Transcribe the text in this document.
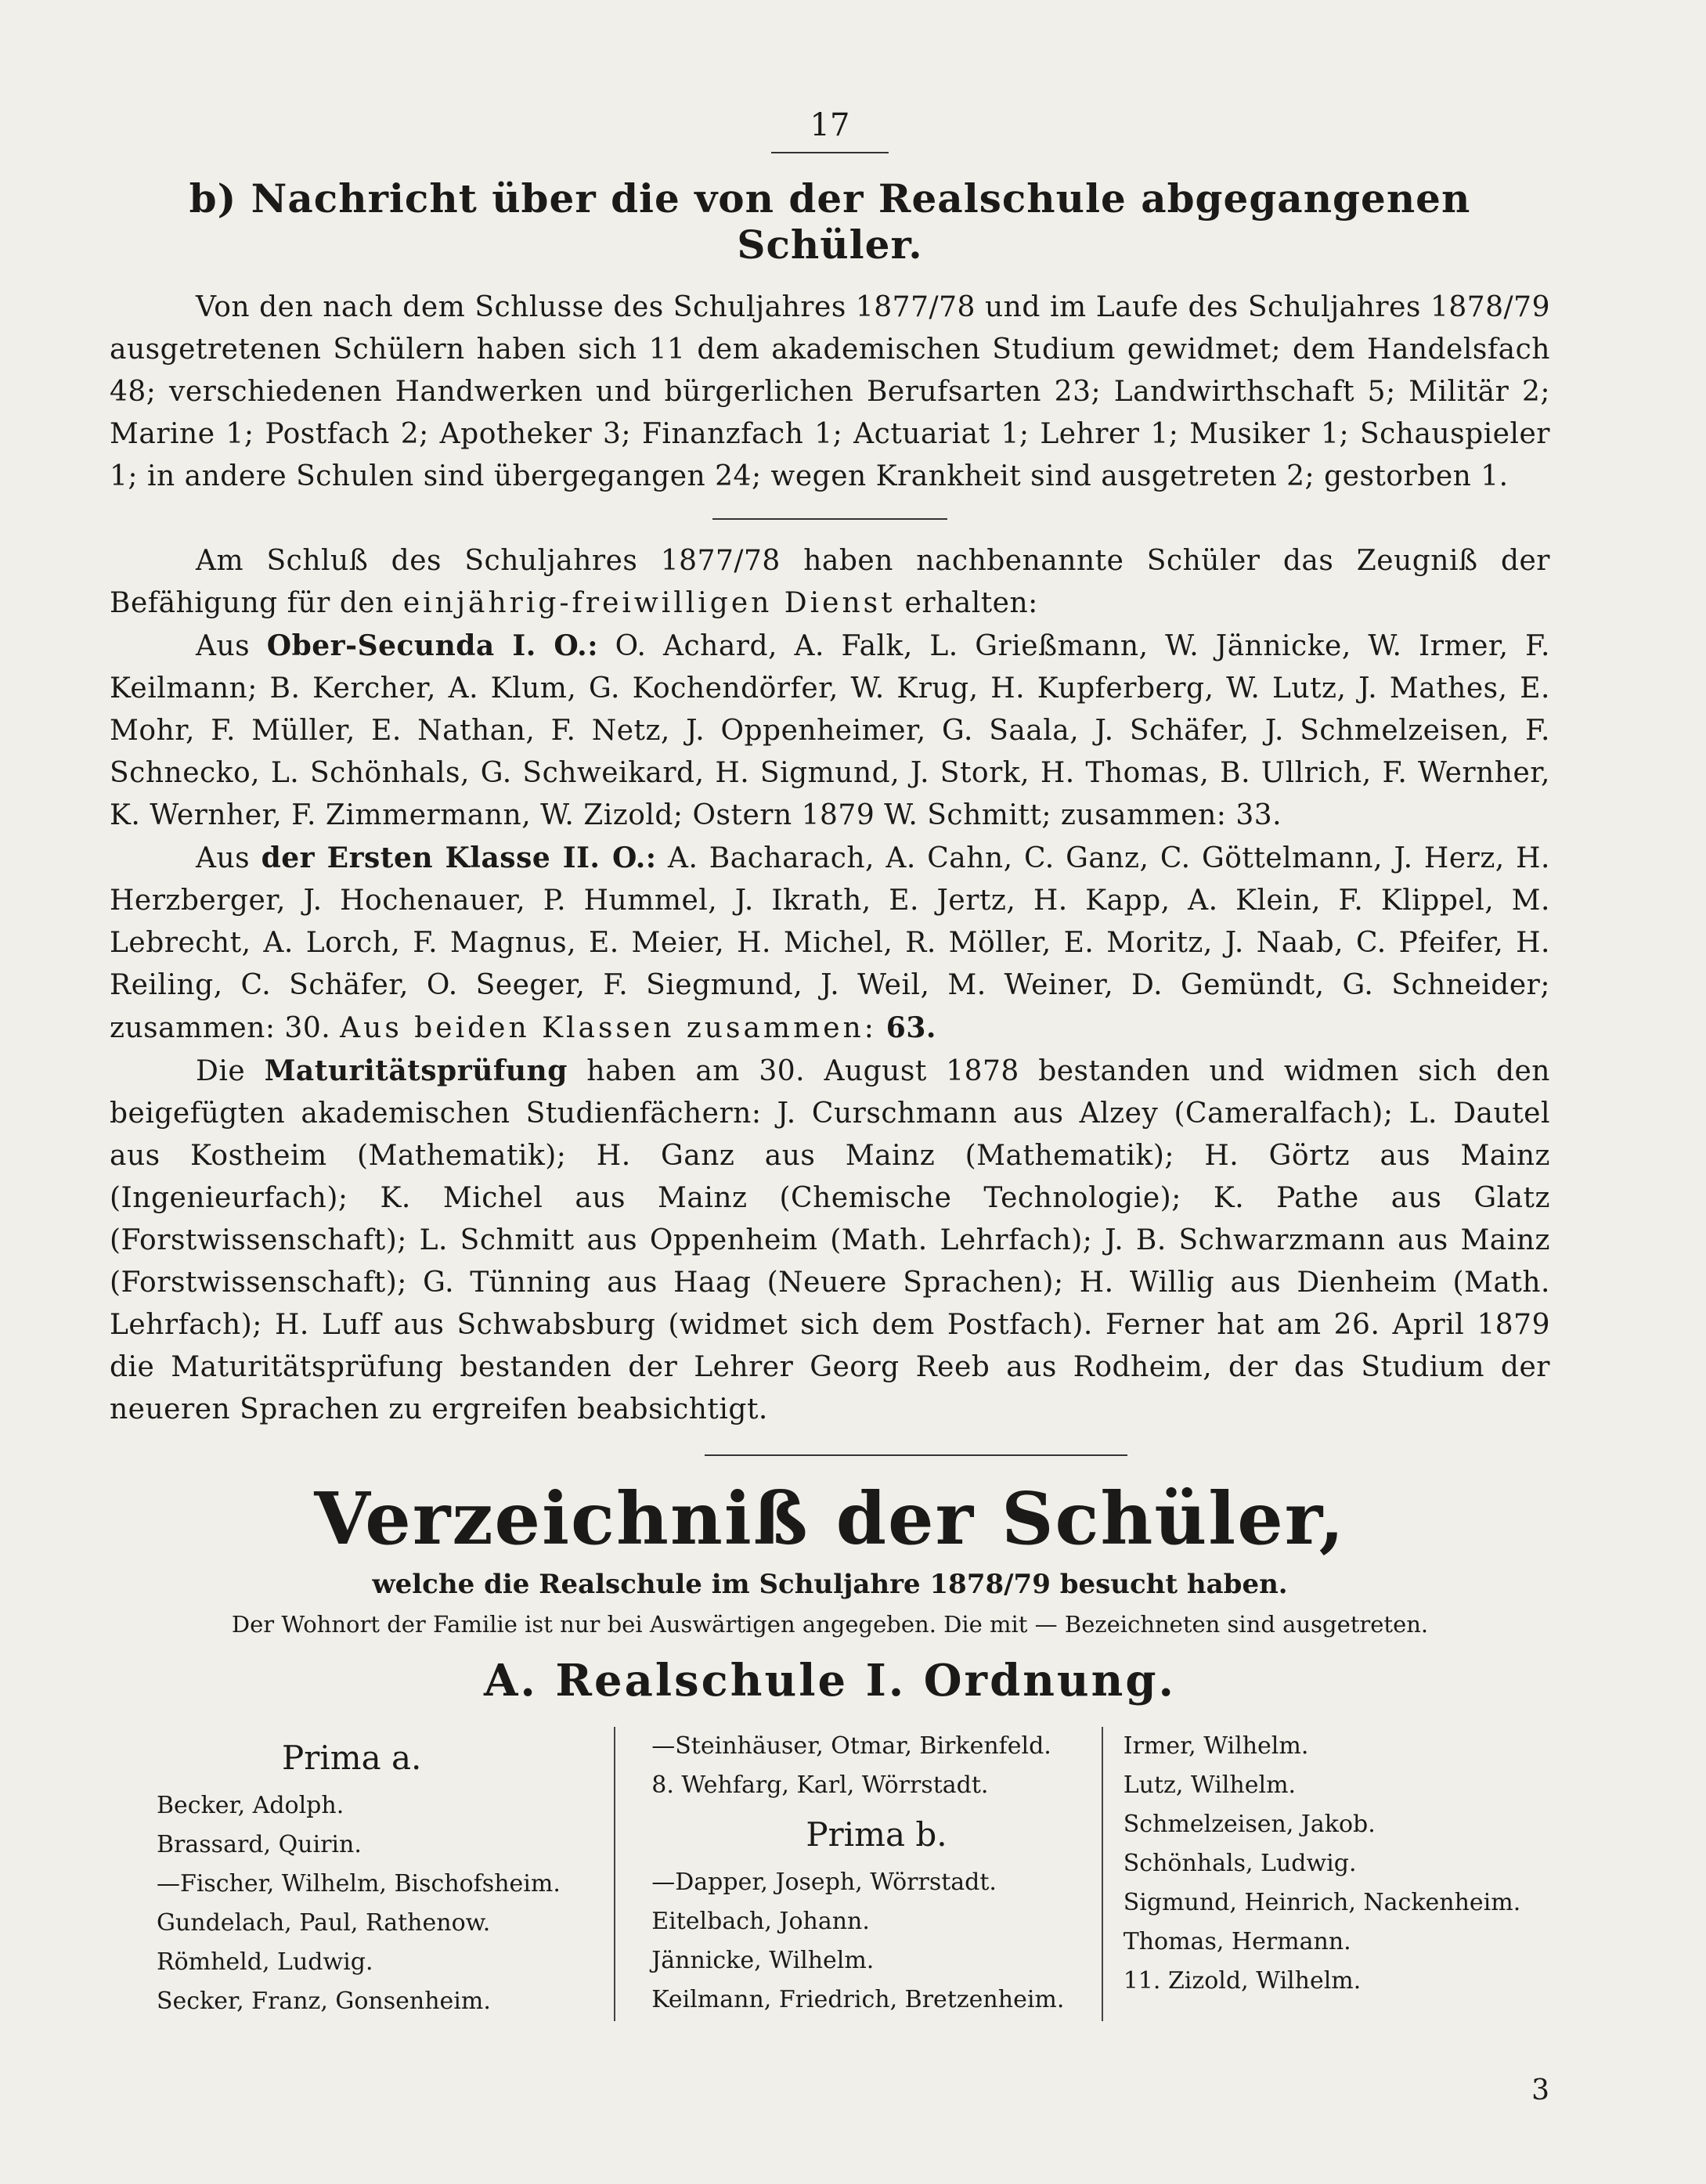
17
b) Nachricht über die von der Realschule abgegangenen Schüler.

Von den nach dem Schlusse des Schuljahres 1877/78 und im Laufe des Schuljahres 1878/79 ausgetretenen Schülern haben sich 11 dem akademischen Studium gewidmet; dem Handelsfach 48; verschiedenen Handwerken und bürgerlichen Berufsarten 23; Landwirthschaft 5; Militär 2; Marine 1; Postfach 2; Apotheker 3; Finanzfach 1; Actuariat 1; Lehrer 1; Musiker 1; Schauspieler 1; in andere Schulen sind übergegangen 24; wegen Krankheit sind ausgetreten 2; gestorben 1.

Am Schluß des Schuljahres 1877/78 haben nachbenannte Schüler das Zeugniß der Befähigung für den einjährig-freiwilligen Dienst erhalten:

Aus Ober-Secunda I. O.: O. Achard, A. Falk, L. Grießmann, W. Jännicke, W. Irmer, F. Keilmann; B. Kercher, A. Klum, G. Kochendörfer, W. Krug, H. Kupferberg, W. Lutz, J. Mathes, E. Mohr, F. Müller, E. Nathan, F. Netz, J. Oppenheimer, G. Saala, J. Schäfer, J. Schmelzeisen, F. Schnecko, L. Schönhals, G. Schweikard, H. Sigmund, J. Stork, H. Thomas, B. Ullrich, F. Wernher, K. Wernher, F. Zimmermann, W. Zizold; Ostern 1879 W. Schmitt; zusammen: 33.

Aus der Ersten Klasse II. O.: A. Bacharach, A. Cahn, C. Ganz, C. Göttelmann, J. Herz, H. Herzberger, J. Hochenauer, P. Hummel, J. Ikrath, E. Jertz, H. Kapp, A. Klein, F. Klippel, M. Lebrecht, A. Lorch, F. Magnus, E. Meier, H. Michel, R. Möller, E. Moritz, J. Naab, C. Pfeifer, H. Reiling, C. Schäfer, O. Seeger, F. Siegmund, J. Weil, M. Weiner, D. Gemündt, G. Schneider; zusammen: 30. Aus beiden Klassen zusammen: 63.

Die Maturitätsprüfung haben am 30. August 1878 bestanden und widmen sich den beigefügten akademischen Studienfächern: J. Curschmann aus Alzey (Cameralfach); L. Dautel aus Kostheim (Mathematik); H. Ganz aus Mainz (Mathematik); H. Görtz aus Mainz (Ingenieurfach); K. Michel aus Mainz (Chemische Technologie); K. Pathe aus Glatz (Forstwissenschaft); L. Schmitt aus Oppenheim (Math. Lehrfach); J. B. Schwarzmann aus Mainz (Forstwissenschaft); G. Tünning aus Haag (Neuere Sprachen); H. Willig aus Dienheim (Math. Lehrfach); H. Luff aus Schwabsburg (widmet sich dem Postfach). Ferner hat am 26. April 1879 die Maturitätsprüfung bestanden der Lehrer Georg Reeb aus Rodheim, der das Studium der neueren Sprachen zu ergreifen beabsichtigt.

Verzeichniß der Schüler,
welche die Realschule im Schuljahre 1878/79 besucht haben.
Der Wohnort der Familie ist nur bei Auswärtigen angegeben. Die mit — Bezeichneten sind ausgetreten.
A. Realschule I. Ordnung.
Prima a.
Becker, Adolph.
Brassard, Quirin.
—Fischer, Wilhelm, Bischofsheim.
Gundelach, Paul, Rathenow.
Römheld, Ludwig.
Secker, Franz, Gonsenheim.
—Steinhäuser, Otmar, Birkenfeld.
8. Wehfarg, Karl, Wörrstadt.
Prima b.
—Dapper, Joseph, Wörrstadt.
Eitelbach, Johann.
Jännicke, Wilhelm.
Keilmann, Friedrich, Bretzenheim.
Irmer, Wilhelm.
Lutz, Wilhelm.
Schmelzeisen, Jakob.
Schönhals, Ludwig.
Sigmund, Heinrich, Nackenheim.
Thomas, Hermann.
11. Zizold, Wilhelm.
3
